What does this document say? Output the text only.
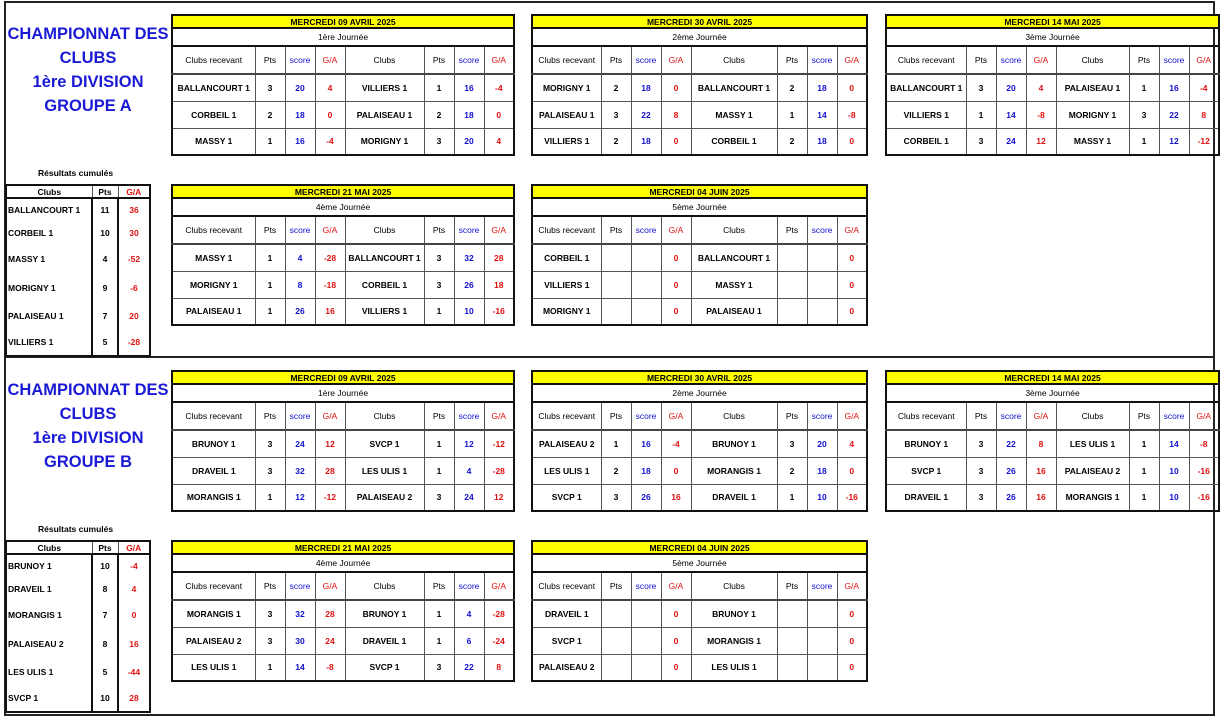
CHAMPIONNAT DES
CLUBS
1ère DIVISION
GROUPE A
Résultats cumulés
Clubs	Pts	G/A
BALLANCOURT 1	11	36
CORBEIL 1	10	30
MASSY 1	4	-52
MORIGNY 1	9	-6
PALAISEAU 1	7	20
VILLIERS 1	5	-28
MERCREDI 09 AVRIL 2025							
1ère Journée							
Clubs recevant	Pts	score	G/A	Clubs	Pts	score	G/A
BALLANCOURT 1	3	20	4	VILLIERS 1	1	16	-4
CORBEIL 1	2	18	0	PALAISEAU 1	2	18	0
MASSY 1	1	16	-4	MORIGNY 1	3	20	4
MERCREDI 30 AVRIL 2025							
2ème Journée							
Clubs recevant	Pts	score	G/A	Clubs	Pts	score	G/A
MORIGNY 1	2	18	0	BALLANCOURT 1	2	18	0
PALAISEAU 1	3	22	8	MASSY 1	1	14	-8
VILLIERS 1	2	18	0	CORBEIL 1	2	18	0
MERCREDI 14 MAI 2025							
3ème Journée							
Clubs recevant	Pts	score	G/A	Clubs	Pts	score	G/A
BALLANCOURT 1	3	20	4	PALAISEAU 1	1	16	-4
VILLIERS 1	1	14	-8	MORIGNY 1	3	22	8
CORBEIL 1	3	24	12	MASSY 1	1	12	-12
MERCREDI 21 MAI 2025							
4ème Journée							
Clubs recevant	Pts	score	G/A	Clubs	Pts	score	G/A
MASSY 1	1	4	-28	BALLANCOURT 1	3	32	28
MORIGNY 1	1	8	-18	CORBEIL 1	3	26	18
PALAISEAU 1	1	26	16	VILLIERS 1	1	10	-16
MERCREDI 04 JUIN 2025							
5ème Journée							
Clubs recevant	Pts	score	G/A	Clubs	Pts	score	G/A
CORBEIL 1			0	BALLANCOURT 1			0
VILLIERS 1			0	MASSY 1			0
MORIGNY 1			0	PALAISEAU 1			0
CHAMPIONNAT DES
CLUBS
1ère DIVISION
GROUPE B
Résultats cumulés
Clubs	Pts	G/A
BRUNOY 1	10	-4
DRAVEIL 1	8	4
MORANGIS 1	7	0
PALAISEAU 2	8	16
LES ULIS 1	5	-44
SVCP 1	10	28
MERCREDI 09 AVRIL 2025							
1ère Journée							
Clubs recevant	Pts	score	G/A	Clubs	Pts	score	G/A
BRUNOY 1	3	24	12	SVCP 1	1	12	-12
DRAVEIL 1	3	32	28	LES ULIS 1	1	4	-28
MORANGIS 1	1	12	-12	PALAISEAU 2	3	24	12
MERCREDI 30 AVRIL 2025							
2ème Journée							
Clubs recevant	Pts	score	G/A	Clubs	Pts	score	G/A
PALAISEAU 2	1	16	-4	BRUNOY 1	3	20	4
LES ULIS 1	2	18	0	MORANGIS 1	2	18	0
SVCP 1	3	26	16	DRAVEIL 1	1	10	-16
MERCREDI 14 MAI 2025							
3ème Journée							
Clubs recevant	Pts	score	G/A	Clubs	Pts	score	G/A
BRUNOY 1	3	22	8	LES ULIS 1	1	14	-8
SVCP 1	3	26	16	PALAISEAU 2	1	10	-16
DRAVEIL 1	3	26	16	MORANGIS 1	1	10	-16
MERCREDI 21 MAI 2025							
4ème Journée							
Clubs recevant	Pts	score	G/A	Clubs	Pts	score	G/A
MORANGIS 1	3	32	28	BRUNOY 1	1	4	-28
PALAISEAU 2	3	30	24	DRAVEIL 1	1	6	-24
LES ULIS 1	1	14	-8	SVCP 1	3	22	8
MERCREDI 04 JUIN 2025							
5ème Journée							
Clubs recevant	Pts	score	G/A	Clubs	Pts	score	G/A
DRAVEIL 1			0	BRUNOY 1			0
SVCP 1			0	MORANGIS 1			0
PALAISEAU 2			0	LES ULIS 1			0
